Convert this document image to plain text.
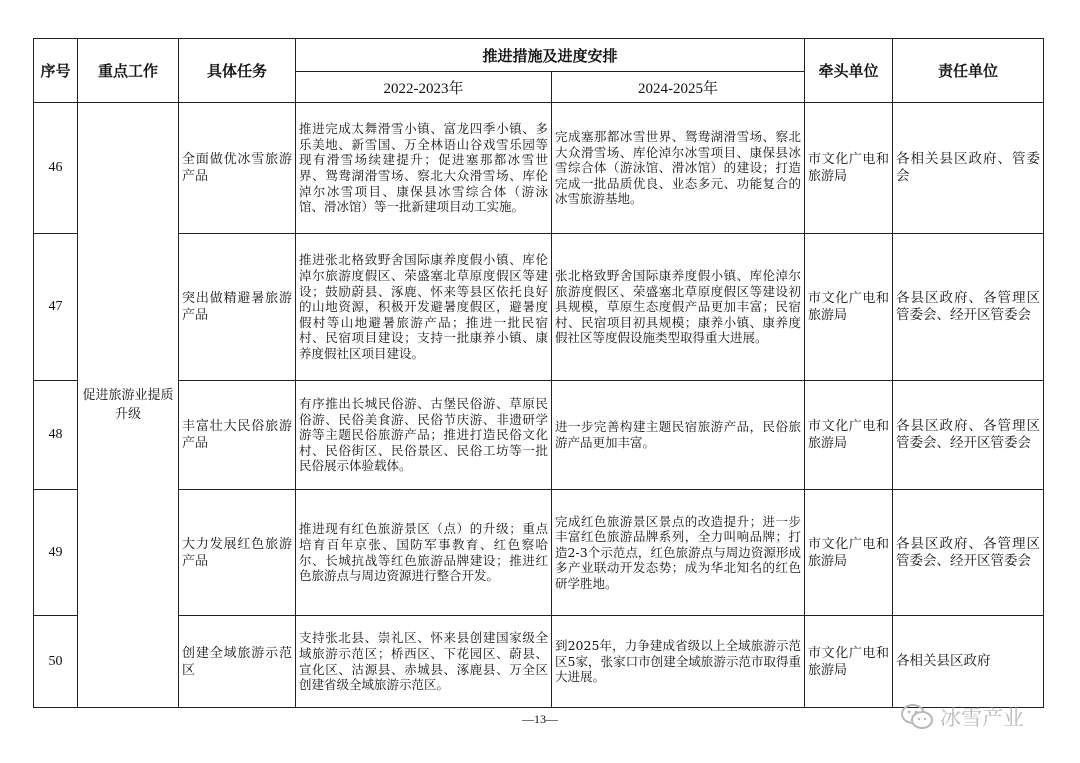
序号	重点工作	具体任务	推进措施及进度安排		牵头单位	责任单位
			2022-2023年	2024-2025年		
46	促进旅游业提质升级	全面做优冰雪旅游产品	推进完成太舞滑雪小镇、富龙四季小镇、多乐美地、新雪国、万全林语山谷戏雪乐园等现有滑雪场续建提升；促进塞那都冰雪世界、鸳鸯湖滑雪场、察北大众滑雪场、库伦淖尔冰雪项目、康保县冰雪综合体（游泳馆、滑冰馆）等一批新建项目动工实施。	完成塞那都冰雪世界、鸳鸯湖滑雪场、察北大众滑雪场、库伦淖尔冰雪项目、康保县冰雪综合体（游泳馆、滑冰馆）的建设；打造完成一批品质优良、业态多元、功能复合的冰雪旅游基地。	市文化广电和旅游局	各相关县区政府、管委会
47		突出做精避暑旅游产品	推进张北格致野舍国际康养度假小镇、库伦淖尔旅游度假区、荣盛塞北草原度假区等建设；鼓励蔚县、涿鹿、怀来等县区依托良好的山地资源，积极开发避暑度假区，避暑度假村等山地避暑旅游产品；推进一批民宿村、民宿项目建设；支持一批康养小镇、康养度假社区项目建设。	张北格致野舍国际康养度假小镇、库伦淖尔旅游度假区、荣盛塞北草原度假区等建设初具规模，草原生态度假产品更加丰富；民宿村、民宿项目初具规模；康养小镇、康养度假社区等度假设施类型取得重大进展。	市文化广电和旅游局	各县区政府、各管理区管委会、经开区管委会
48		丰富壮大民俗旅游产品	有序推出长城民俗游、古堡民俗游、草原民俗游、民俗美食游、民俗节庆游、非遗研学游等主题民俗旅游产品；推进打造民俗文化村、民俗街区、民俗景区、民俗工坊等一批民俗展示体验载体。	进一步完善构建主题民宿旅游产品，民俗旅游产品更加丰富。	市文化广电和旅游局	各县区政府、各管理区管委会、经开区管委会
49		大力发展红色旅游产品	推进现有红色旅游景区（点）的升级；重点培育百年京张、国防军事教育、红色察哈尔、长城抗战等红色旅游品牌建设；推进红色旅游点与周边资源进行整合开发。	完成红色旅游景区景点的改造提升；进一步丰富红色旅游品牌系列，全力叫响品牌；打造2-3个示范点，红色旅游点与周边资源形成多产业联动开发态势；成为华北知名的红色研学胜地。	市文化广电和旅游局	各县区政府、各管理区管委会、经开区管委会
50		创建全域旅游示范区	支持张北县、崇礼区、怀来县创建国家级全域旅游示范区；桥西区、下花园区、蔚县、宣化区、沽源县、赤城县、涿鹿县、万全区创建省级全域旅游示范区。	到2025年，力争建成省级以上全域旅游示范区5家，张家口市创建全域旅游示范市取得重大进展。	市文化广电和旅游局	各相关县区政府
—13—	冰雪产业
